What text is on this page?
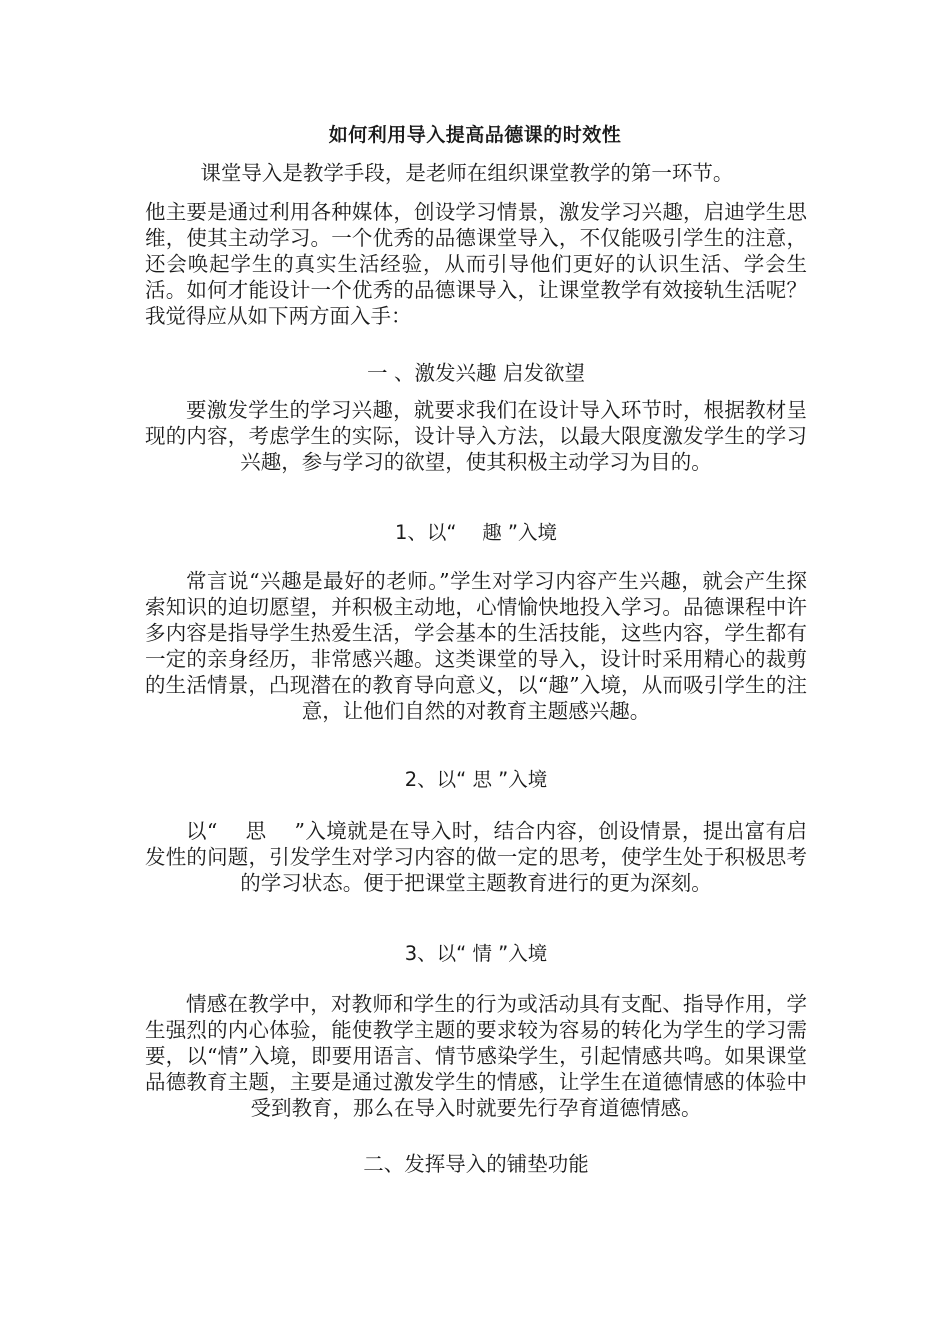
如何利用导入提高品德课的时效性
课堂导入是教学手段，是老师在组织课堂教学的第一环节。
他主要是通过利用各种媒体，创设学习情景，激发学习兴趣，启迪学生思维，使其主动学习。一个优秀的品德课堂导入，不仅能吸引学生的注意，还会唤起学生的真实生活经验，从而引导他们更好的认识生活、学会生活。如何才能设计一个优秀的品德课导入，让课堂教学有效接轨生活呢？我觉得应从如下两方面入手：
一 、激发兴趣 启发欲望
要激发学生的学习兴趣，就要求我们在设计导入环节时，根据教材呈现的内容，考虑学生的实际，设计导入方法，以最大限度激发学生的学习兴趣，参与学习的欲望，使其积极主动学习为目的。
1、以“　 趣 ”入境
常言说“兴趣是最好的老师。”学生对学习内容产生兴趣，就会产生探索知识的迫切愿望，并积极主动地，心情愉快地投入学习。品德课程中许多内容是指导学生热爱生活，学会基本的生活技能，这些内容，学生都有一定的亲身经历，非常感兴趣。这类课堂的导入，设计时采用精心的裁剪的生活情景，凸现潜在的教育导向意义，以“趣”入境，从而吸引学生的注意，让他们自然的对教育主题感兴趣。
2、以“ 思 ”入境
以“　 思　 ”入境就是在导入时，结合内容，创设情景，提出富有启发性的问题，引发学生对学习内容的做一定的思考，使学生处于积极思考的学习状态。便于把课堂主题教育进行的更为深刻。
3、以“ 情 ”入境
情感在教学中，对教师和学生的行为或活动具有支配、指导作用，学生强烈的内心体验，能使教学主题的要求较为容易的转化为学生的学习需要，以“情”入境，即要用语言、情节感染学生，引起情感共鸣。如果课堂品德教育主题，主要是通过激发学生的情感，让学生在道德情感的体验中受到教育，那么在导入时就要先行孕育道德情感。
二、发挥导入的铺垫功能
